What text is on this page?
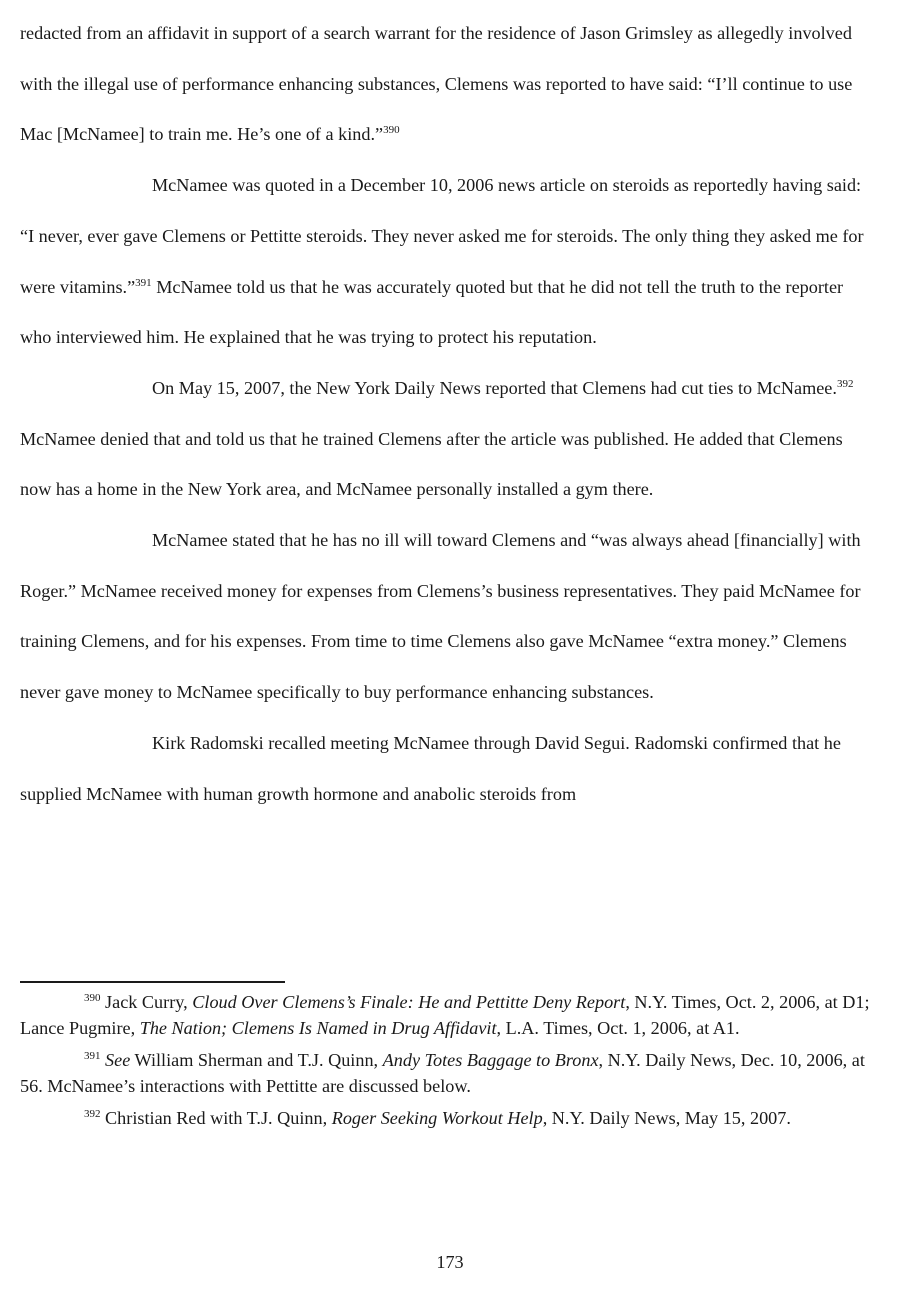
redacted from an affidavit in support of a search warrant for the residence of Jason Grimsley as allegedly involved with the illegal use of performance enhancing substances, Clemens was reported to have said: “I’ll continue to use Mac [McNamee] to train me. He’s one of a kind.”$^{390}$

McNamee was quoted in a December 10, 2006 news article on steroids as reportedly having said: “I never, ever gave Clemens or Pettitte steroids. They never asked me for steroids. The only thing they asked me for were vitamins.”$^{391}$ McNamee told us that he was accurately quoted but that he did not tell the truth to the reporter who interviewed him. He explained that he was trying to protect his reputation.

On May 15, 2007, the New York Daily News reported that Clemens had cut ties to McNamee.$^{392}$ McNamee denied that and told us that he trained Clemens after the article was published. He added that Clemens now has a home in the New York area, and McNamee personally installed a gym there.

McNamee stated that he has no ill will toward Clemens and “was always ahead [financially] with Roger.” McNamee received money for expenses from Clemens’s business representatives. They paid McNamee for training Clemens, and for his expenses. From time to time Clemens also gave McNamee “extra money.” Clemens never gave money to McNamee specifically to buy performance enhancing substances.

Kirk Radomski recalled meeting McNamee through David Segui. Radomski confirmed that he supplied McNamee with human growth hormone and anabolic steroids from

$^{390}$ Jack Curry, Cloud Over Clemens’s Finale: He and Pettitte Deny Report, N.Y. Times, Oct. 2, 2006, at D1; Lance Pugmire, The Nation; Clemens Is Named in Drug Affidavit, L.A. Times, Oct. 1, 2006, at A1.

$^{391}$ See William Sherman and T.J. Quinn, Andy Totes Baggage to Bronx, N.Y. Daily News, Dec. 10, 2006, at 56. McNamee’s interactions with Pettitte are discussed below.

$^{392}$ Christian Red with T.J. Quinn, Roger Seeking Workout Help, N.Y. Daily News, May 15, 2007.

173
